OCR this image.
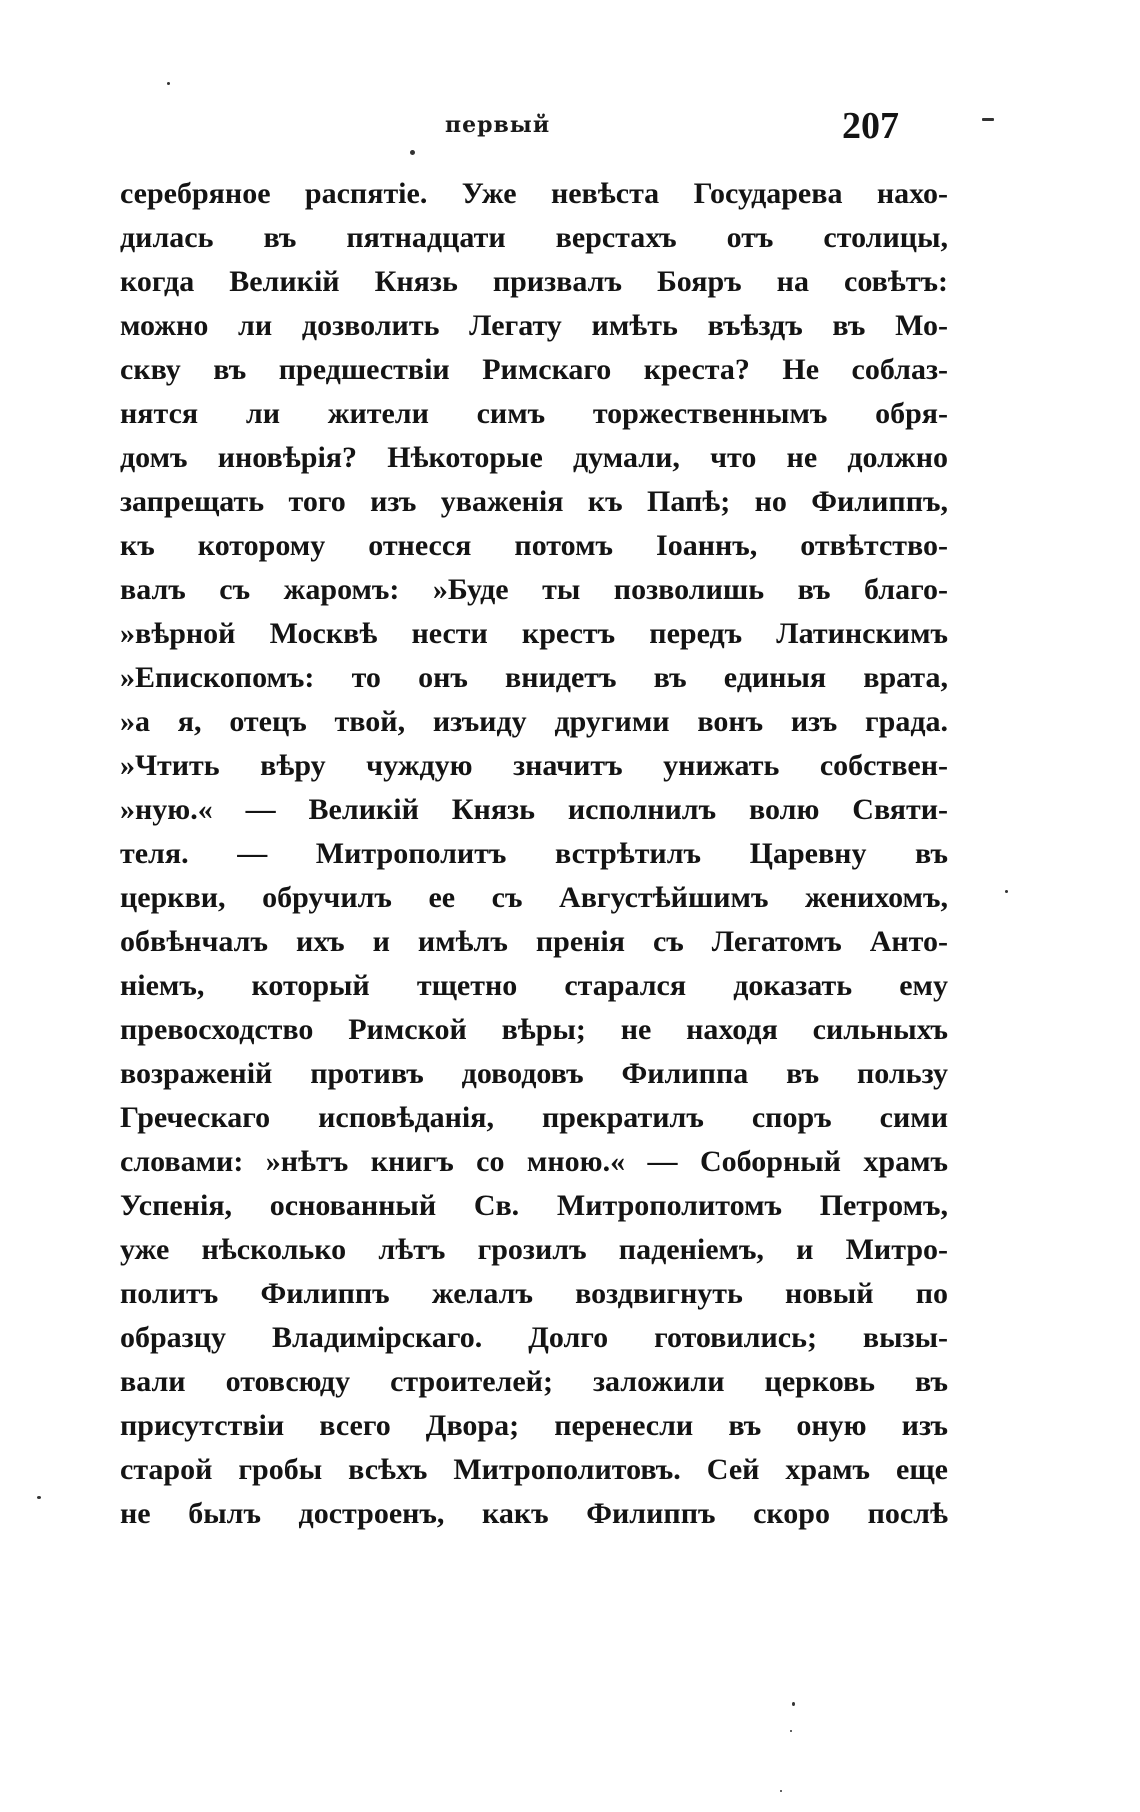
первый	207
серебряное распятіе. Уже невѣста Государева нахо-
дилась въ пятнадцати верстахъ отъ столицы,
когда Великій Князь призвалъ Бояръ на совѣтъ:
можно ли дозволить Легату имѣть въѣздъ въ Мо-
скву въ предшествіи Римскаго креста? Не соблаз-
нятся ли жители симъ торжественнымъ обря-
домъ иновѣрія? Нѣкоторые думали, что не должно
запрещать того изъ уваженія къ Папѣ; но Филиппъ,
къ которому отнесся потомъ Іоаннъ, отвѣтство-
валъ съ жаромъ: »Буде ты позволишь въ благо-
»вѣрной Москвѣ нести крестъ передъ Латинскимъ
»Епископомъ: то онъ внидетъ въ единыя врата,
»а я, отецъ твой, изъиду другими вонъ изъ града.
»Чтить вѣру чуждую значитъ унижать собствен-
»ную.« — Великій Князь исполнилъ волю Святи-
теля. — Митрополитъ встрѣтилъ Царевну въ
церкви, обручилъ ее съ Августѣйшимъ женихомъ,
обвѣнчалъ ихъ и имѣлъ пренія съ Легатомъ Анто-
ніемъ, который тщетно старался доказать ему
превосходство Римской вѣры; не находя сильныхъ
возраженій противъ доводовъ Филиппа въ пользу
Греческаго исповѣданія, прекратилъ споръ сими
словами: »нѣтъ книгъ со мною.« — Соборный храмъ
Успенія, основанный Св. Митрополитомъ Петромъ,
уже нѣсколько лѣтъ грозилъ паденіемъ, и Митро-
политъ Филиппъ желалъ воздвигнуть новый по
образцу Владимірскаго. Долго готовились; вызы-
вали отовсюду строителей; заложили церковь въ
присутствіи всего Двора; перенесли въ оную изъ
старой гробы всѣхъ Митрополитовъ. Сей храмъ еще
не былъ достроенъ, какъ Филиппъ скоро послѣ
